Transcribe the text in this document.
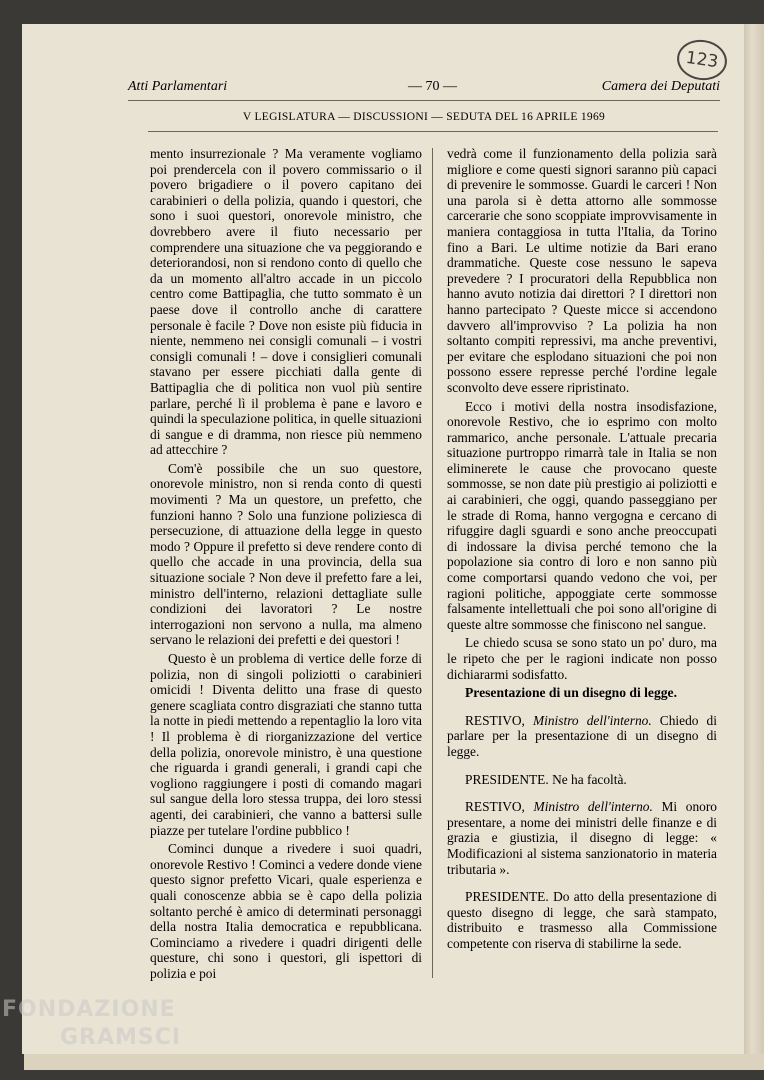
123
Atti Parlamentari	— 70 —	Camera dei Deputati
V LEGISLATURA — DISCUSSIONI — SEDUTA DEL 16 APRILE 1969

mento insurrezionale ? Ma veramente vogliamo poi prendercela con il povero commissario o il povero brigadiere o il povero capitano dei carabinieri o della polizia, quando i questori, che sono i suoi questori, onorevole ministro, che dovrebbero avere il fiuto necessario per comprendere una situazione che va peggiorando e deteriorandosi, non si rendono conto di quello che da un momento all'altro accade in un piccolo centro come Battipaglia, che tutto sommato è un paese dove il controllo anche di carattere personale è facile ? Dove non esiste più fiducia in niente, nemmeno nei consigli comunali – i vostri consigli comunali ! – dove i consiglieri comunali stavano per essere picchiati dalla gente di Battipaglia che di politica non vuol più sentire parlare, perché lì il problema è pane e lavoro e quindi la speculazione politica, in quelle situazioni di sangue e di dramma, non riesce più nemmeno ad attecchire ?

Com'è possibile che un suo questore, onorevole ministro, non si renda conto di questi movimenti ? Ma un questore, un prefetto, che funzioni hanno ? Solo una funzione poliziesca di persecuzione, di attuazione della legge in questo modo ? Oppure il prefetto si deve rendere conto di quello che accade in una provincia, della sua situazione sociale ? Non deve il prefetto fare a lei, ministro dell'interno, relazioni dettagliate sulle condizioni dei lavoratori ? Le nostre interrogazioni non servono a nulla, ma almeno servano le relazioni dei prefetti e dei questori !

Questo è un problema di vertice delle forze di polizia, non di singoli poliziotti o carabinieri omicidi ! Diventa delitto una frase di questo genere scagliata contro disgraziati che stanno tutta la notte in piedi mettendo a repentaglio la loro vita ! Il problema è di riorganizzazione del vertice della polizia, onorevole ministro, è una questione che riguarda i grandi generali, i grandi capi che vogliono raggiungere i posti di comando magari sul sangue della loro stessa truppa, dei loro stessi agenti, dei carabinieri, che vanno a battersi sulle piazze per tutelare l'ordine pubblico !

Cominci dunque a rivedere i suoi quadri, onorevole Restivo ! Cominci a vedere donde viene questo signor prefetto Vicari, quale esperienza e quali conoscenze abbia se è capo della polizia soltanto perché è amico di determinati personaggi della nostra Italia democratica e repubblicana. Cominciamo a rivedere i quadri dirigenti delle questure, chi sono i questori, gli ispettori di polizia e poi

vedrà come il funzionamento della polizia sarà migliore e come questi signori saranno più capaci di prevenire le sommosse. Guardi le carceri ! Non una parola si è detta attorno alle sommosse carcerarie che sono scoppiate improvvisamente in maniera contaggiosa in tutta l'Italia, da Torino fino a Bari. Le ultime notizie da Bari erano drammatiche. Queste cose nessuno le sapeva prevedere ? I procuratori della Repubblica non hanno avuto notizia dai direttori ? I direttori non hanno partecipato ? Queste micce si accendono davvero all'improvviso ? La polizia ha non soltanto compiti repressivi, ma anche preventivi, per evitare che esplodano situazioni che poi non possono essere represse perché l'ordine legale sconvolto deve essere ripristinato.

Ecco i motivi della nostra insodisfazione, onorevole Restivo, che io esprimo con molto rammarico, anche personale. L'attuale precaria situazione purtroppo rimarrà tale in Italia se non eliminerete le cause che provocano queste sommosse, se non date più prestigio ai poliziotti e ai carabinieri, che oggi, quando passeggiano per le strade di Roma, hanno vergogna e cercano di rifuggire dagli sguardi e sono anche preoccupati di indossare la divisa perché temono che la popolazione sia contro di loro e non sanno più come comportarsi quando vedono che voi, per ragioni politiche, appoggiate certe sommosse falsamente intellettuali che poi sono all'origine di queste altre sommosse che finiscono nel sangue.

Le chiedo scusa se sono stato un po' duro, ma le ripeto che per le ragioni indicate non posso dichiararmi sodisfatto.

Presentazione di un disegno di legge.

RESTIVO, Ministro dell'interno. Chiedo di parlare per la presentazione di un disegno di legge.

PRESIDENTE. Ne ha facoltà.

RESTIVO, Ministro dell'interno. Mi onoro presentare, a nome dei ministri delle finanze e di grazia e giustizia, il disegno di legge: « Modificazioni al sistema sanzionatorio in materia tributaria ».

PRESIDENTE. Do atto della presentazione di questo disegno di legge, che sarà stampato, distribuito e trasmesso alla Commissione competente con riserva di stabilirne la sede.

FONDAZIONE
GRAMSCI
